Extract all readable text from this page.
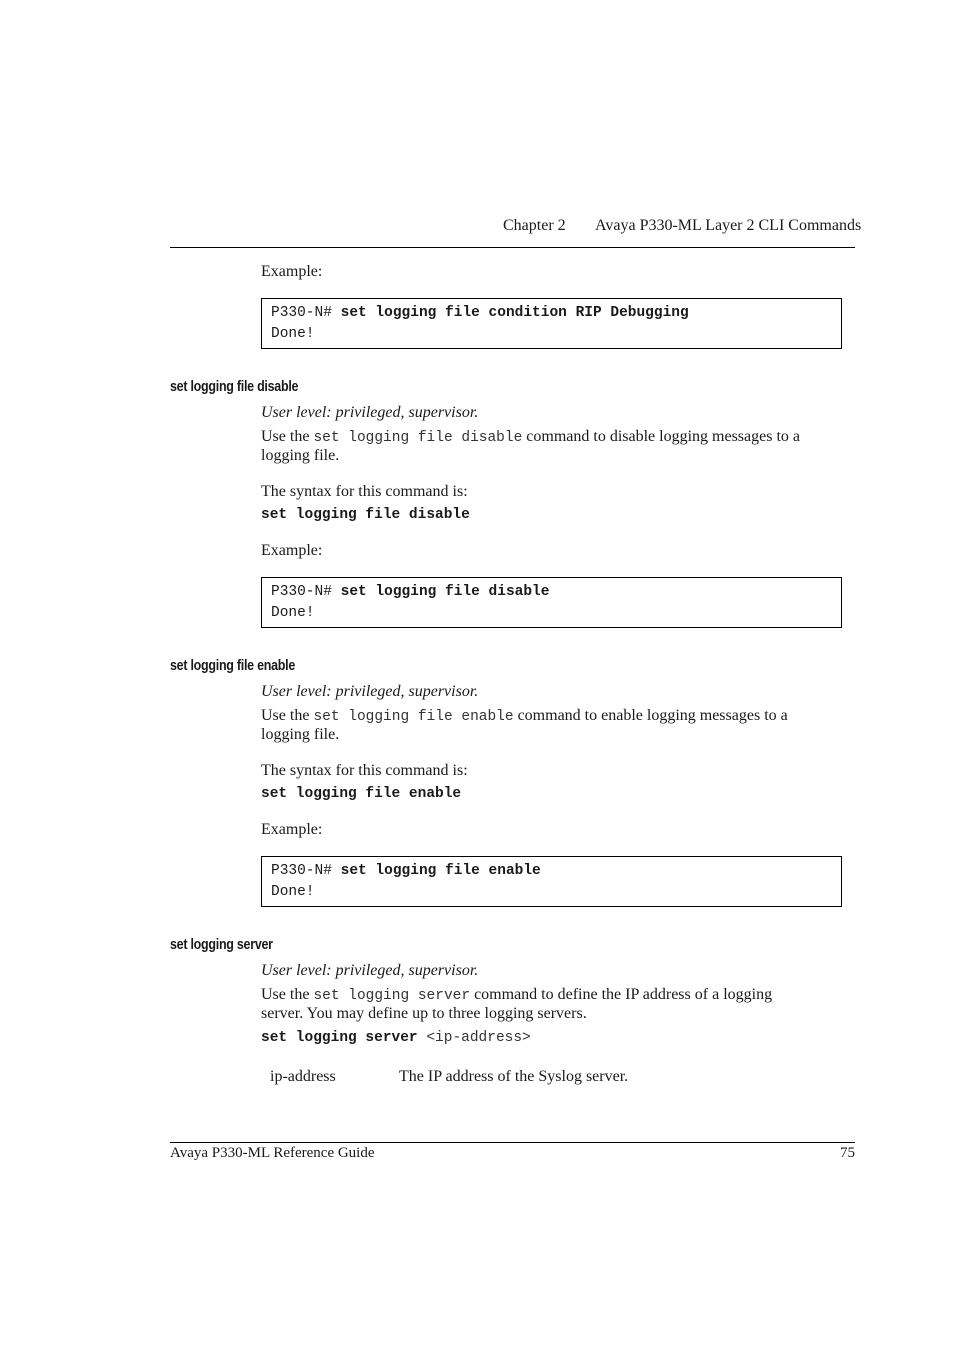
Chapter 2 Avaya P330-ML Layer 2 CLI Commands
Example:
P330-N# set logging file condition RIP Debugging
Done!
set logging file disable
User level: privileged, supervisor.
Use the set logging file disable command to disable logging messages to a
logging file.
The syntax for this command is:
set logging file disable
Example:
P330-N# set logging file disable
Done!
set logging file enable
User level: privileged, supervisor.
Use the set logging file enable command to enable logging messages to a
logging file.
The syntax for this command is:
set logging file enable
Example:
P330-N# set logging file enable
Done!
set logging server
User level: privileged, supervisor.
Use the set logging server command to define the IP address of a logging
server. You may define up to three logging servers.
set logging server <ip-address>
ip-address	The IP address of the Syslog server.
Avaya P330-ML Reference Guide	75
